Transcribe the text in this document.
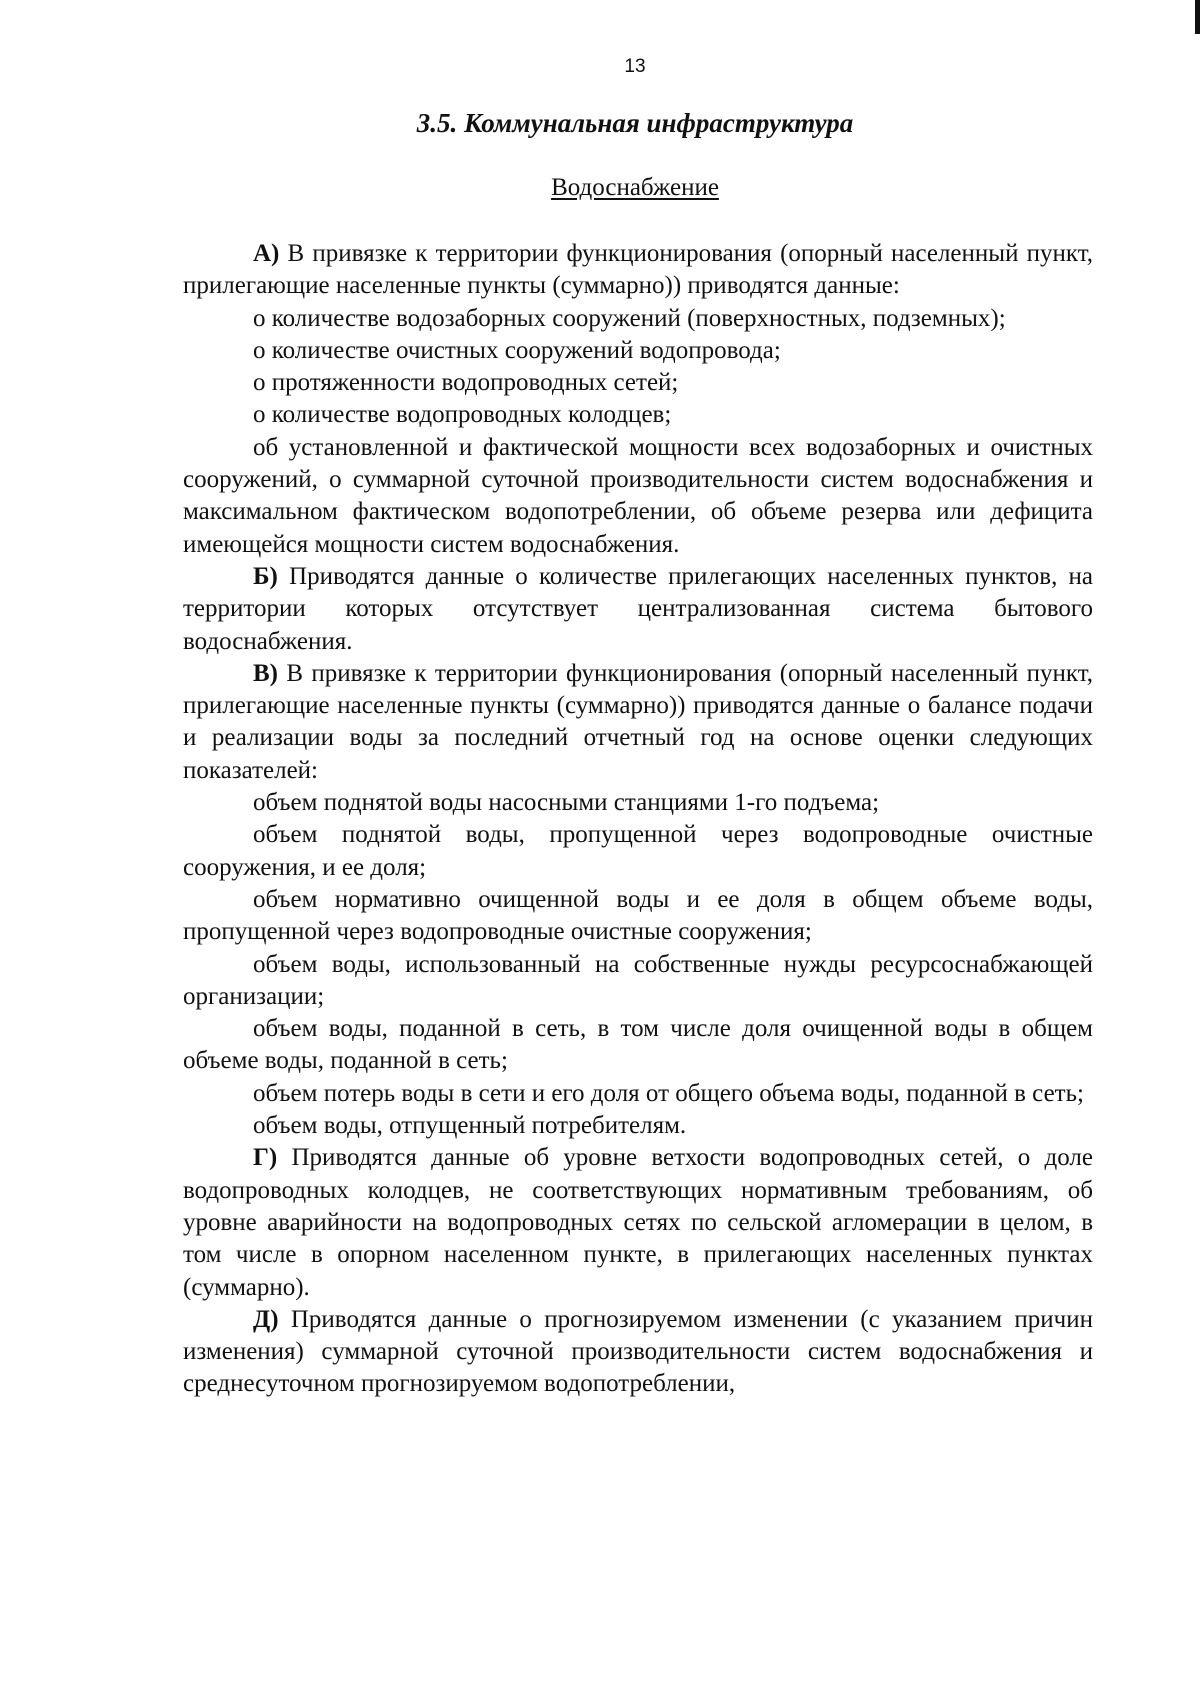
13
3.5. Коммунальная инфраструктура
Водоснабжение

А) В привязке к территории функционирования (опорный населенный пункт, прилегающие населенные пункты (суммарно)) приводятся данные:

о количестве водозаборных сооружений (поверхностных, подземных);

о количестве очистных сооружений водопровода;

о протяженности водопроводных сетей;

о количестве водопроводных колодцев;

об установленной и фактической мощности всех водозаборных и очистных сооружений, о суммарной суточной производительности систем водоснабжения и максимальном фактическом водопотреблении, об объеме резерва или дефицита имеющейся мощности систем водоснабжения.

Б) Приводятся данные о количестве прилегающих населенных пунктов, на территории которых отсутствует централизованная система бытового водоснабжения.

В) В привязке к территории функционирования (опорный населенный пункт, прилегающие населенные пункты (суммарно)) приводятся данные о балансе подачи и реализации воды за последний отчетный год на основе оценки следующих показателей:

объем поднятой воды насосными станциями 1-го подъема;

объем поднятой воды, пропущенной через водопроводные очистные сооружения, и ее доля;

объем нормативно очищенной воды и ее доля в общем объеме воды, пропущенной через водопроводные очистные сооружения;

объем воды, использованный на собственные нужды ресурсоснабжающей организации;

объем воды, поданной в сеть, в том числе доля очищенной воды в общем объеме воды, поданной в сеть;

объем потерь воды в сети и его доля от общего объема воды, поданной в сеть;

объем воды, отпущенный потребителям.

Г) Приводятся данные об уровне ветхости водопроводных сетей, о доле водопроводных колодцев, не соответствующих нормативным требованиям, об уровне аварийности на водопроводных сетях по сельской агломерации в целом, в том числе в опорном населенном пункте, в прилегающих населенных пунктах (суммарно).

Д) Приводятся данные о прогнозируемом изменении (с указанием причин изменения) суммарной суточной производительности систем водоснабжения и среднесуточном прогнозируемом водопотреблении,
